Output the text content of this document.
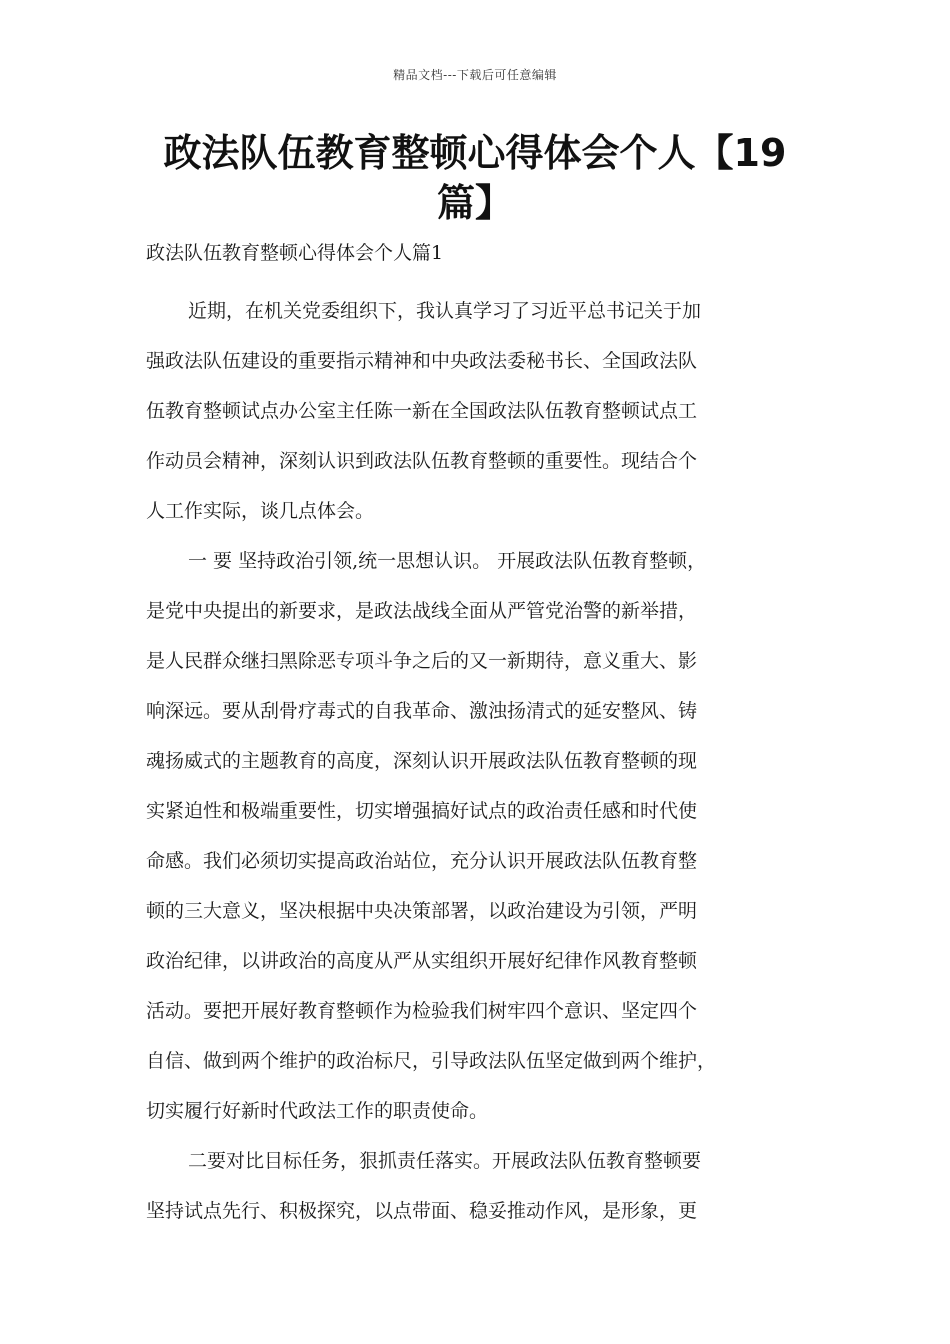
精品文档---下载后可任意编辑
政法队伍教育整顿心得体会个人【19
篇】
政法队伍教育整顿心得体会个人篇1
近期，在机关党委组织下，我认真学习了习近平总书记关于加
强政法队伍建设的重要指示精神和中央政法委秘书长、全国政法队
伍教育整顿试点办公室主任陈一新在全国政法队伍教育整顿试点工
作动员会精神，深刻认识到政法队伍教育整顿的重要性。现结合个
人工作实际，谈几点体会。
一 要 坚持政治引领,统一思想认识。 开展政法队伍教育整顿，
是党中央提出的新要求，是政法战线全面从严管党治警的新举措，
是人民群众继扫黑除恶专项斗争之后的又一新期待，意义重大、影
响深远。要从刮骨疗毒式的自我革命、激浊扬清式的延安整风、铸
魂扬威式的主题教育的高度，深刻认识开展政法队伍教育整顿的现
实紧迫性和极端重要性，切实增强搞好试点的政治责任感和时代使
命感。我们必须切实提高政治站位，充分认识开展政法队伍教育整
顿的三大意义，坚决根据中央决策部署，以政治建设为引领，严明
政治纪律，以讲政治的高度从严从实组织开展好纪律作风教育整顿
活动。要把开展好教育整顿作为检验我们树牢四个意识、坚定四个
自信、做到两个维护的政治标尺，引导政法队伍坚定做到两个维护，
切实履行好新时代政法工作的职责使命。
二要对比目标任务，狠抓责任落实。开展政法队伍教育整顿要
坚持试点先行、积极探究，以点带面、稳妥推动作风，是形象，更
